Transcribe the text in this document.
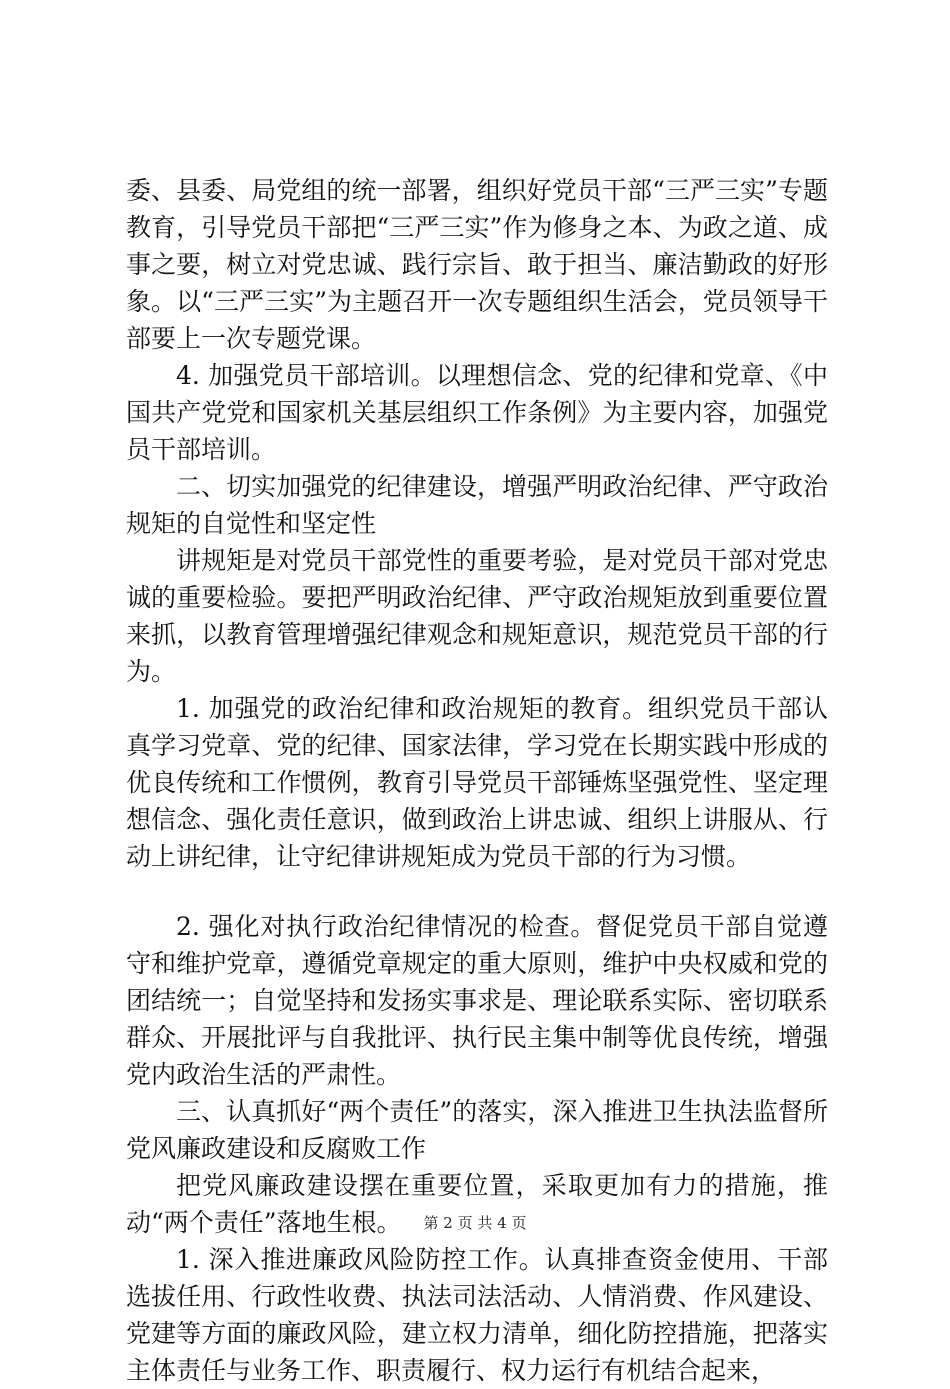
委、县委、局党组的统一部署，组织好党员干部“三严三实”专题教育，引导党员干部把“三严三实”作为修身之本、为政之道、成事之要，树立对党忠诚、践行宗旨、敢于担当、廉洁勤政的好形象。以“三严三实”为主题召开一次专题组织生活会，党员领导干部要上一次专题党课。

4. 加强党员干部培训。以理想信念、党的纪律和党章、《中国共产党党和国家机关基层组织工作条例》为主要内容，加强党员干部培训。

二、切实加强党的纪律建设，增强严明政治纪律、严守政治规矩的自觉性和坚定性

讲规矩是对党员干部党性的重要考验，是对党员干部对党忠诚的重要检验。要把严明政治纪律、严守政治规矩放到重要位置来抓，以教育管理增强纪律观念和规矩意识，规范党员干部的行为。

1. 加强党的政治纪律和政治规矩的教育。组织党员干部认真学习党章、党的纪律、国家法律，学习党在长期实践中形成的优良传统和工作惯例，教育引导党员干部锤炼坚强党性、坚定理想信念、强化责任意识，做到政治上讲忠诚、组织上讲服从、行动上讲纪律，让守纪律讲规矩成为党员干部的行为习惯。

2. 强化对执行政治纪律情况的检查。督促党员干部自觉遵守和维护党章，遵循党章规定的重大原则，维护中央权威和党的团结统一；自觉坚持和发扬实事求是、理论联系实际、密切联系群众、开展批评与自我批评、执行民主集中制等优良传统，增强党内政治生活的严肃性。

三、认真抓好“两个责任”的落实，深入推进卫生执法监督所党风廉政建设和反腐败工作

把党风廉政建设摆在重要位置，采取更加有力的措施，推动“两个责任”落地生根。

1. 深入推进廉政风险防控工作。认真排查资金使用、干部选拔任用、行政性收费、执法司法活动、人情消费、作风建设、党建等方面的廉政风险，建立权力清单，细化防控措施，把落实主体责任与业务工作、职责履行、权力运行有机结合起来，

第 2 页 共 4 页
